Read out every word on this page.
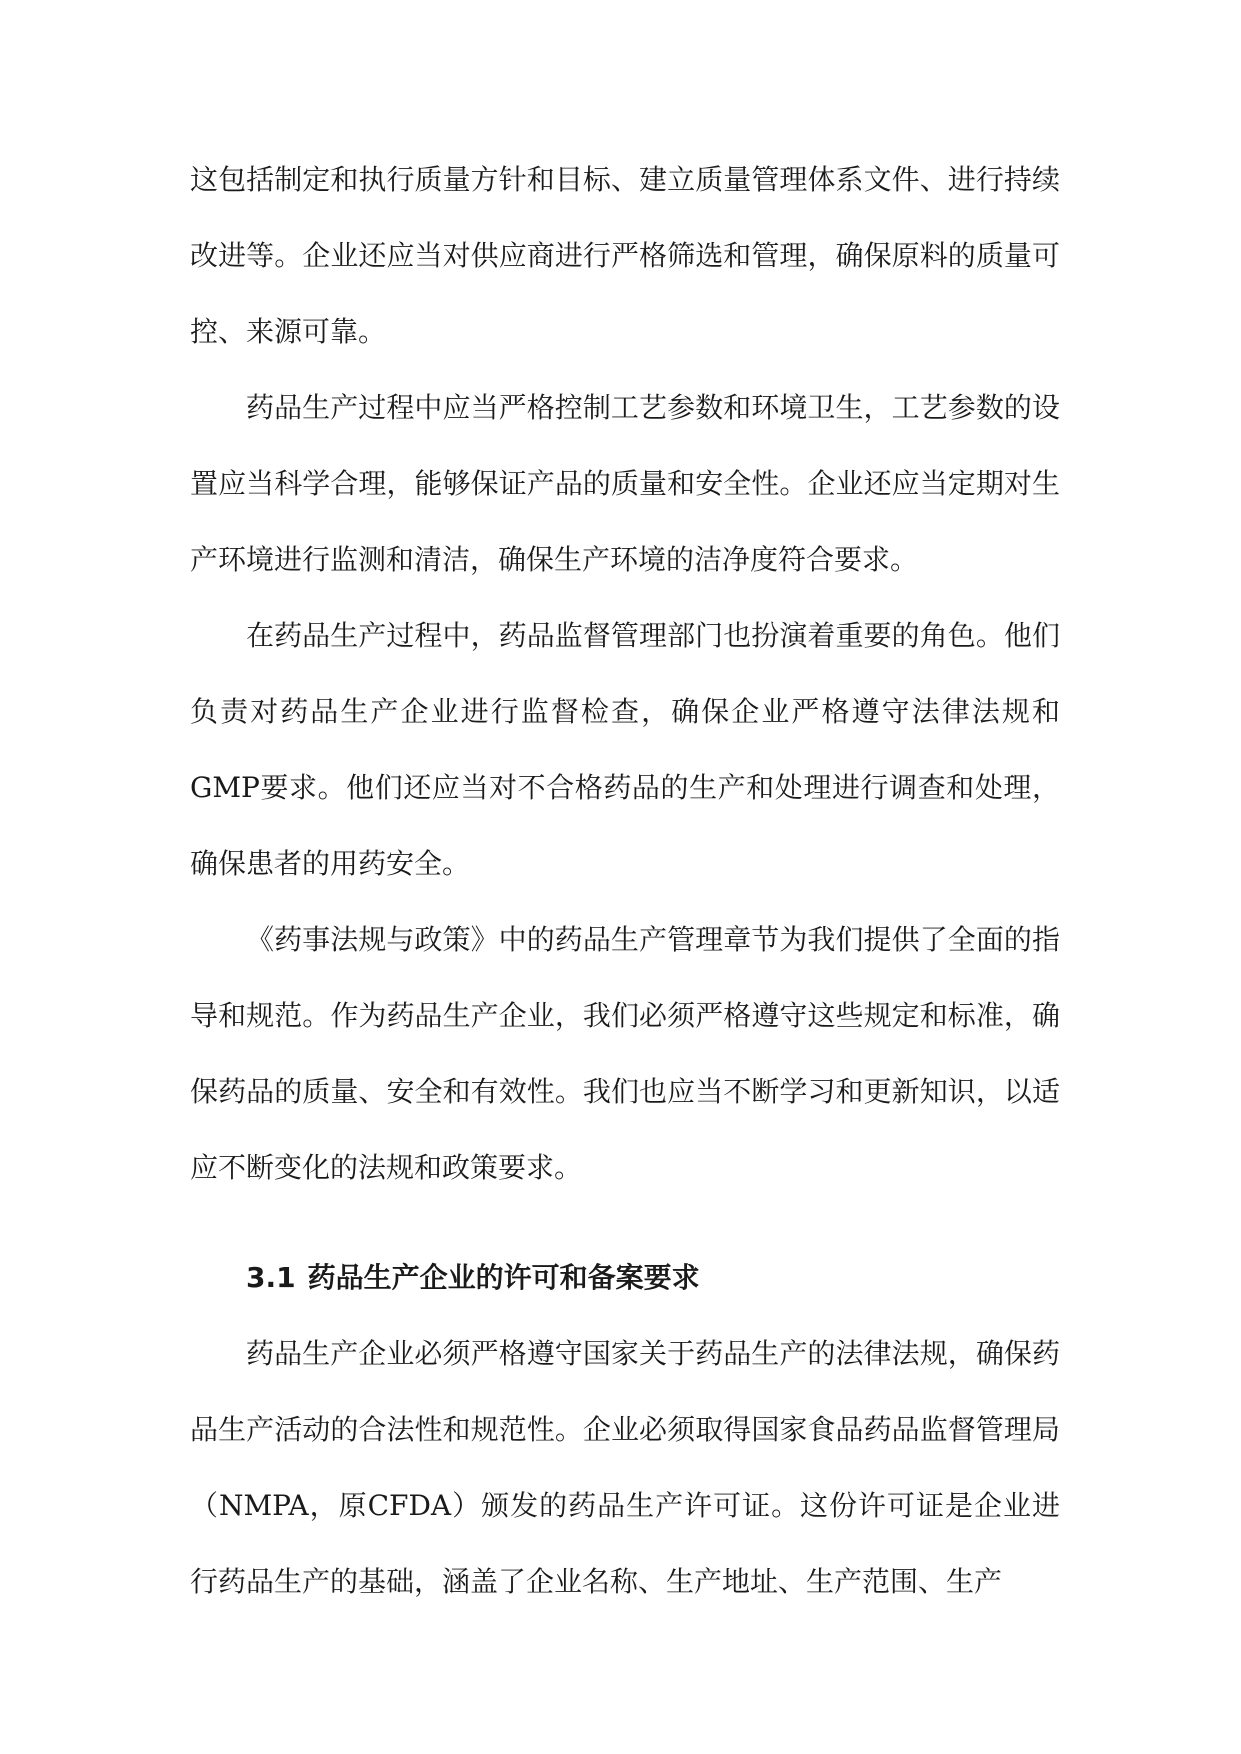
这包括制定和执行质量方针和目标、建立质量管理体系文件、进行持续改进等。企业还应当对供应商进行严格筛选和管理，确保原料的质量可控、来源可靠。

药品生产过程中应当严格控制工艺参数和环境卫生，工艺参数的设置应当科学合理，能够保证产品的质量和安全性。企业还应当定期对生产环境进行监测和清洁，确保生产环境的洁净度符合要求。

在药品生产过程中，药品监督管理部门也扮演着重要的角色。他们负责对药品生产企业进行监督检查，确保企业严格遵守法律法规和GMP要求。他们还应当对不合格药品的生产和处理进行调查和处理，确保患者的用药安全。

《药事法规与政策》中的药品生产管理章节为我们提供了全面的指导和规范。作为药品生产企业，我们必须严格遵守这些规定和标准，确保药品的质量、安全和有效性。我们也应当不断学习和更新知识，以适应不断变化的法规和政策要求。

3.1 药品生产企业的许可和备案要求

药品生产企业必须严格遵守国家关于药品生产的法律法规，确保药品生产活动的合法性和规范性。企业必须取得国家食品药品监督管理局（NMPA，原CFDA）颁发的药品生产许可证。这份许可证是企业进行药品生产的基础，涵盖了企业名称、生产地址、生产范围、生产
